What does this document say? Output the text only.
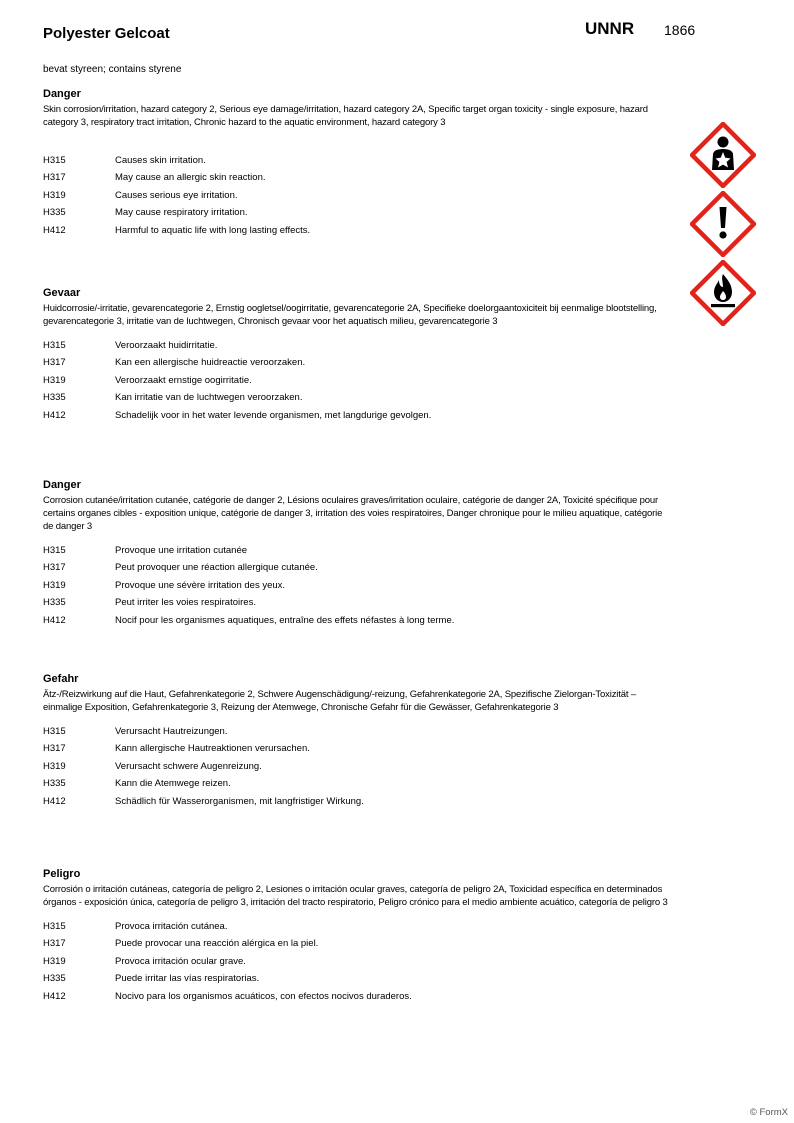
Polyester Gelcoat	UNNR 1866
bevat styreen; contains styrene
Danger
Skin corrosion/irritation, hazard category 2, Serious eye damage/irritation, hazard category 2A, Specific target organ toxicity - single exposure, hazard category 3, respiratory tract irritation, Chronic hazard to the aquatic environment, hazard category 3
H315	Causes skin irritation.
H317	May cause an allergic skin reaction.
H319	Causes serious eye irritation.
H335	May cause respiratory irritation.
H412	Harmful to aquatic life with long lasting effects.
Gevaar
Huidcorrosie/-irritatie, gevarencategorie 2, Ernstig oogletsel/oogirritatie, gevarencategorie 2A, Specifieke doelorgaantoxiciteit bij eenmalige blootstelling, gevarencategorie 3, irritatie van de luchtwegen, Chronisch gevaar voor het aquatisch milieu, gevarencategorie 3
H315	Veroorzaakt huidirritatie.
H317	Kan een allergische huidreactie veroorzaken.
H319	Veroorzaakt ernstige oogirritatie.
H335	Kan irritatie van de luchtwegen veroorzaken.
H412	Schadelijk voor in het water levende organismen, met langdurige gevolgen.
Danger
Corrosion cutanée/irritation cutanée, catégorie de danger 2, Lésions oculaires graves/irritation oculaire, catégorie de danger 2A, Toxicité spécifique pour certains organes cibles - exposition unique, catégorie de danger 3, irritation des voies respiratoires, Danger chronique pour le milieu aquatique, catégorie de danger 3
H315	Provoque une irritation cutanée
H317	Peut provoquer une réaction allergique cutanée.
H319	Provoque une sévère irritation des yeux.
H335	Peut irriter les voies respiratoires.
H412	Nocif pour les organismes aquatiques, entraîne des effets néfastes à long terme.
Gefahr
Ätz-/Reizwirkung auf die Haut, Gefahrenkategorie 2, Schwere Augenschädigung/-reizung, Gefahrenkategorie 2A, Spezifische Zielorgan-Toxizität – einmalige Exposition, Gefahrenkategorie 3, Reizung der Atemwege, Chronische Gefahr für die Gewässer, Gefahrenkategorie 3
H315	Verursacht Hautreizungen.
H317	Kann allergische Hautreaktionen verursachen.
H319	Verursacht schwere Augenreizung.
H335	Kann die Atemwege reizen.
H412	Schädlich für Wasserorganismen, mit langfristiger Wirkung.
Peligro
Corrosión o irritación cutáneas, categoría de peligro 2, Lesiones o irritación ocular graves, categoría de peligro 2A, Toxicidad específica en determinados órganos - exposición única, categoría de peligro 3, irritación del tracto respiratorio, Peligro crónico para el medio ambiente acuático, categoría de peligro 3
H315	Provoca irritación cutánea.
H317	Puede provocar una reacción alérgica en la piel.
H319	Provoca irritación ocular grave.
H335	Puede irritar las vías respiratorias.
H412	Nocivo para los organismos acuáticos, con efectos nocivos duraderos.
© FormX
